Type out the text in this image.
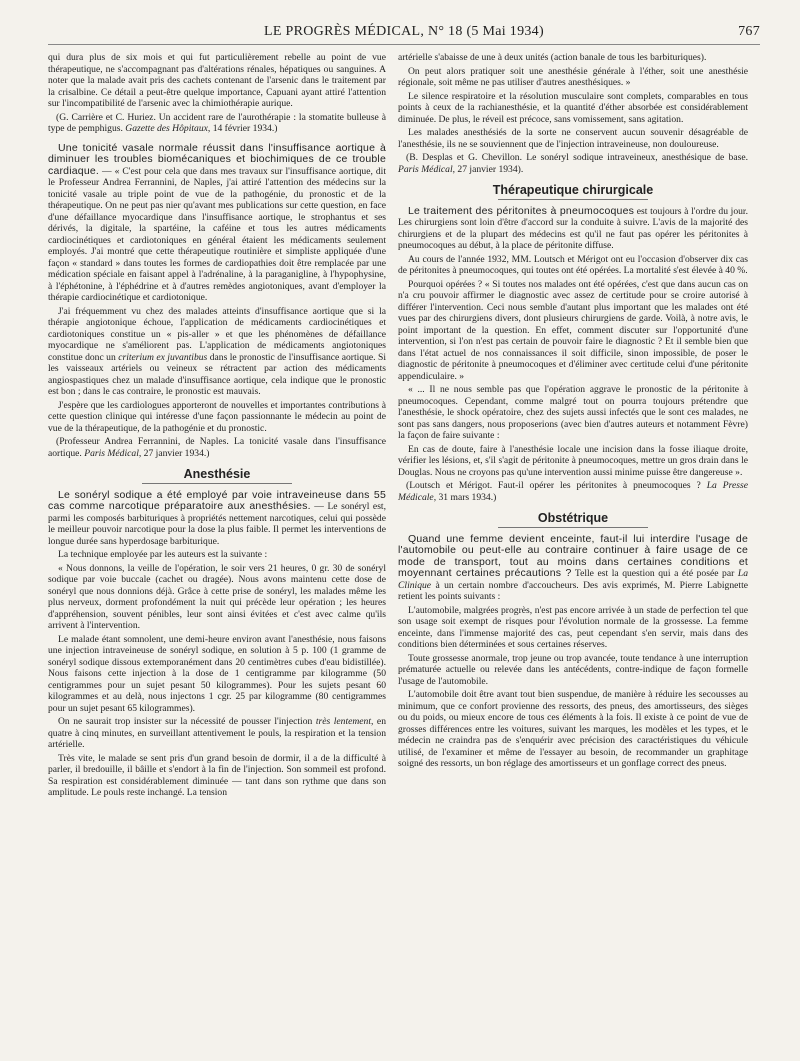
LE PROGRÈS MÉDICAL, N° 18 (5 Mai 1934)	767

qui dura plus de six mois et qui fut particulièrement rebelle au point de vue thérapeutique, ne s'accompagnant pas d'altérations rénales, hépatiques ou sanguines. A noter que la malade avait pris des cachets contenant de l'arsenic dans le traitement par la crisalbine. Ce détail a peut-être quelque importance, Capuani ayant attiré l'attention sur l'incompatibilité de l'arsenic avec la chimiothérapie aurique.

(G. Carrière et C. Huriez. Un accident rare de l'aurothérapie : la stomatite bulleuse à type de pemphigus. Gazette des Hôpitaux, 14 février 1934.)

Une tonicité vasale normale réussit dans l'insuffisance aortique à diminuer les troubles biomécaniques et biochimiques de ce trouble cardiaque. — « C'est pour cela que dans mes travaux sur l'insuffisance aortique, dit le Professeur Andrea Ferrannini, de Naples, j'ai attiré l'attention des médecins sur la tonicité vasale au triple point de vue de la pathogénie, du pronostic et de la thérapeutique. On ne peut pas nier qu'avant mes publications sur cette question, en face d'une défaillance myocardique dans l'insuffisance aortique, le strophantus et ses dérivés, la digitale, la spartéine, la caféine et tous les autres médicaments cardiocinétiques et cardiotoniques en général étaient les médicaments seulement employés. J'ai montré que cette thérapeutique routinière et simpliste appliquée d'une façon « standard » dans toutes les formes de cardiopathies doit être remplacée par une médication spéciale en faisant appel à l'adrénaline, à la paraganigline, à l'hypophysine, à l'éphétonine, à l'éphédrine et à d'autres remèdes angiotoniques, avant d'employer la thérapie cardiocinétique et cardiotonique.

J'ai fréquemment vu chez des malades atteints d'insuffisance aortique que si la thérapie angiotonique échoue, l'application de médicaments cardiocinétiques et cardiotoniques constitue un « pis-aller » et que les phénomènes de défaillance myocardique ne s'améliorent pas. L'application de médicaments angiotoniques constitue donc un criterium ex juvantibus dans le pronostic de l'insuffisance aortique. Si les vaisseaux artériels ou veineux se rétractent par action des médicaments angiospastiques chez un malade d'insuffisance aortique, cela indique que le pronostic est bon ; dans le cas contraire, le pronostic est mauvais.

J'espère que les cardiologues apporteront de nouvelles et importantes contributions à cette question clinique qui intéresse d'une façon passionnante le médecin au point de vue de la thérapeutique, de la pathogénie et du pronostic.

(Professeur Andrea Ferrannini, de Naples. La tonicité vasale dans l'insuffisance aortique. Paris Médical, 27 janvier 1934.)

Anesthésie

Le sonéryl sodique a été employé par voie intraveineuse dans 55 cas comme narcotique préparatoire aux anesthésies. — Le sonéryl est, parmi les composés barbituriques à propriétés nettement narcotiques, celui qui possède le meilleur pouvoir narcotique pour la dose la plus faible. Il permet les interventions de longue durée sans hyperdosage barbiturique.

La technique employée par les auteurs est la suivante :

« Nous donnons, la veille de l'opération, le soir vers 21 heures, 0 gr. 30 de sonéryl sodique par voie buccale (cachet ou dragée). Nous avons maintenu cette dose de sonéryl que nous donnions déjà. Grâce à cette prise de sonéryl, les malades même les plus nerveux, dorment profondément la nuit qui précède leur opération ; les heures d'appréhension, souvent pénibles, leur sont ainsi évitées et c'est avec calme qu'ils arrivent à l'intervention.

Le malade étant somnolent, une demi-heure environ avant l'anesthésie, nous faisons une injection intraveineuse de sonéryl sodique, en solution à 5 p. 100 (1 gramme de sonéryl sodique dissous extemporanément dans 20 centimètres cubes d'eau bidistillée). Nous faisons cette injection à la dose de 1 centigramme par kilogramme (50 centigrammes pour un sujet pesant 50 kilogrammes). Pour les sujets pesant 60 kilogrammes et au delà, nous injectons 1 cgr. 25 par kilogramme (80 centigrammes pour un sujet pesant 65 kilogrammes).

On ne saurait trop insister sur la nécessité de pousser l'injection très lentement, en quatre à cinq minutes, en surveillant attentivement le pouls, la respiration et la tension artérielle.

Très vite, le malade se sent pris d'un grand besoin de dormir, il a de la difficulté à parler, il bredouille, il bâille et s'endort à la fin de l'injection. Son sommeil est profond. Sa respiration est considérablement diminuée — tant dans son rythme que dans son amplitude. Le pouls reste inchangé. La tension

artérielle s'abaisse de une à deux unités (action banale de tous les barbituriques).

On peut alors pratiquer soit une anesthésie générale à l'éther, soit une anesthésie régionale, soit même ne pas utiliser d'autres anesthésiques. »

Le silence respiratoire et la résolution musculaire sont complets, comparables en tous points à ceux de la rachianesthésie, et la quantité d'éther absorbée est considérablement diminuée. De plus, le réveil est précoce, sans vomissement, sans agitation.

Les malades anesthésiés de la sorte ne conservent aucun souvenir désagréable de l'anesthésie, ils ne se souviennent que de l'injection intraveineuse, non douloureuse.

(B. Desplas et G. Chevillon. Le sonéryl sodique intraveineux, anesthésique de base. Paris Médical, 27 janvier 1934).

Thérapeutique chirurgicale

Le traitement des péritonites à pneumocoques est toujours à l'ordre du jour. Les chirurgiens sont loin d'être d'accord sur la conduite à suivre. L'avis de la majorité des chirurgiens et de la plupart des médecins est qu'il ne faut pas opérer les péritonites à pneumocoques au début, à la place de péritonite diffuse.

Au cours de l'année 1932, MM. Loutsch et Mérigot ont eu l'occasion d'observer dix cas de péritonites à pneumocoques, qui toutes ont été opérées. La mortalité s'est élevée à 40 %.

Pourquoi opérées ? « Si toutes nos malades ont été opérées, c'est que dans aucun cas on n'a cru pouvoir affirmer le diagnostic avec assez de certitude pour se croire autorisé à différer l'intervention. Ceci nous semble d'autant plus important que les malades ont été vues par des chirurgiens divers, dont plusieurs chirurgiens de garde. Voilà, à notre avis, le point important de la question. En effet, comment discuter sur l'opportunité d'une intervention, si l'on n'est pas certain de pouvoir faire le diagnostic ? Et il semble bien que dans l'état actuel de nos connaissances il soit difficile, sinon impossible, de poser le diagnostic de péritonite à pneumocoques et d'éliminer avec certitude celui d'une péritonite appendiculaire. »

« ... Il ne nous semble pas que l'opération aggrave le pronostic de la péritonite à pneumocoques. Cependant, comme malgré tout on pourra toujours prétendre que l'anesthésie, le shock opératoire, chez des sujets aussi infectés que le sont ces malades, ne sont pas sans dangers, nous proposerions (avec bien d'autres auteurs et notamment Fèvre) la façon de faire suivante :

En cas de doute, faire à l'anesthésie locale une incision dans la fosse iliaque droite, vérifier les lésions, et, s'il s'agit de péritonite à pneumocoques, mettre un gros drain dans le Douglas. Nous ne croyons pas qu'une intervention aussi minime puisse être dangereuse ».

(Loutsch et Mérigot. Faut-il opérer les péritonites à pneumocoques ? La Presse Médicale, 31 mars 1934.)

Obstétrique

Quand une femme devient enceinte, faut-il lui interdire l'usage de l'automobile ou peut-elle au contraire continuer à faire usage de ce mode de transport, tout au moins dans certaines conditions et moyennant certaines précautions ? Telle est la question qui a été posée par La Clinique à un certain nombre d'accoucheurs. Des avis exprimés, M. Pierre Labignette retient les points suivants :

L'automobile, malgrées progrès, n'est pas encore arrivée à un stade de perfection tel que son usage soit exempt de risques pour l'évolution normale de la grossesse. La femme enceinte, dans l'immense majorité des cas, peut cependant s'en servir, mais dans des conditions bien déterminées et sous certaines réserves.

Toute grossesse anormale, trop jeune ou trop avancée, toute tendance à une interruption prématurée actuelle ou relevée dans les antécédents, contre-indique de façon formelle l'usage de l'automobile.

L'automobile doit être avant tout bien suspendue, de manière à réduire les secousses au minimum, que ce confort provienne des ressorts, des pneus, des amortisseurs, des sièges ou du poids, ou mieux encore de tous ces éléments à la fois. Il existe à ce point de vue de grosses différences entre les voitures, suivant les marques, les modèles et les types, et le médecin ne craindra pas de s'enquérir avec précision des caractéristiques du véhicule utilisé, de l'examiner et même de l'essayer au besoin, de recommander un graphitage soigné des ressorts, un bon réglage des amortisseurs et un gonflage correct des pneus.
